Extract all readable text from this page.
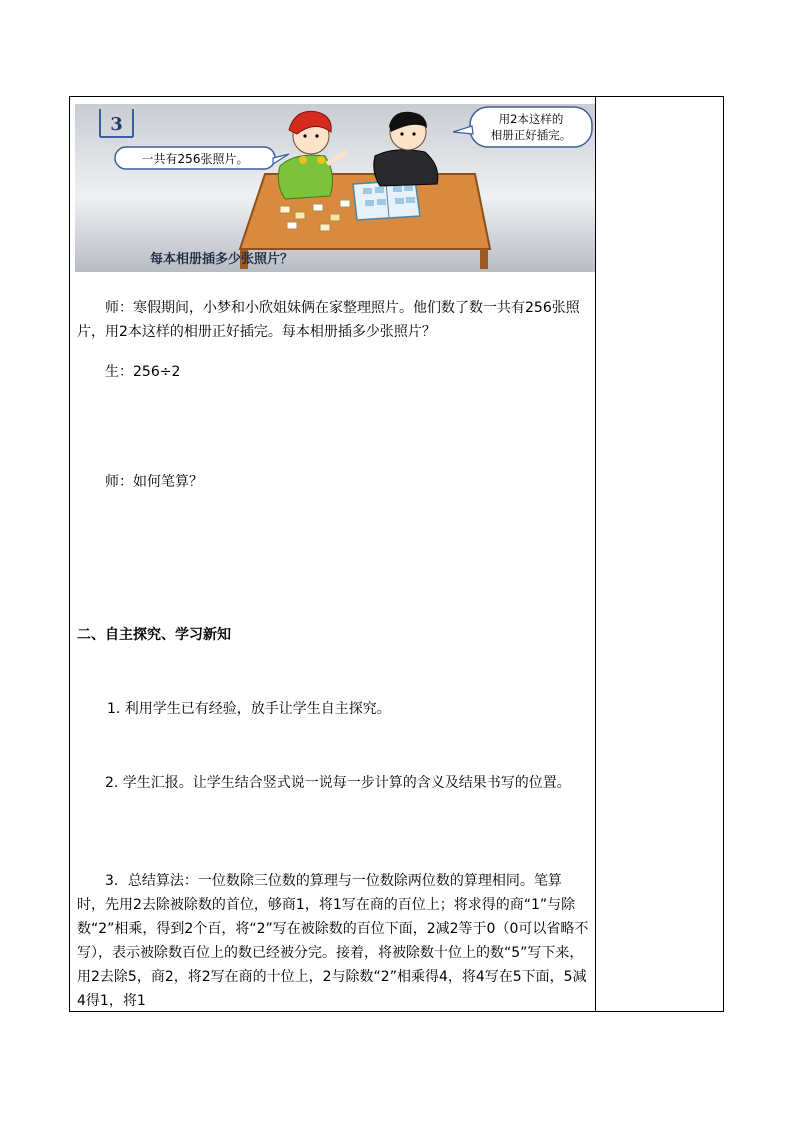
3
一共有256张照片。
用2本这样的
相册正好插完。
每本相册插多少张照片？

师：寒假期间，小梦和小欣姐妹俩在家整理照片。他们数了数一共有256张照片，用2本这样的相册正好插完。每本相册插多少张照片？

生：256÷2

师：如何笔算？

二、自主探究、学习新知

1. 利用学生已有经验，放手让学生自主探究。

2. 学生汇报。让学生结合竖式说一说每一步计算的含义及结果书写的位置。

3．总结算法：一位数除三位数的算理与一位数除两位数的算理相同。笔算时，先用2去除被除数的首位，够商1，将1写在商的百位上；将求得的商“1”与除数“2”相乘，得到2个百，将“2”写在被除数的百位下面，2减2等于0（0可以省略不写），表示被除数百位上的数已经被分完。接着，将被除数十位上的数“5”写下来，用2去除5，商2，将2写在商的十位上，2与除数“2”相乘得4，将4写在5下面，5减4得1，将1
